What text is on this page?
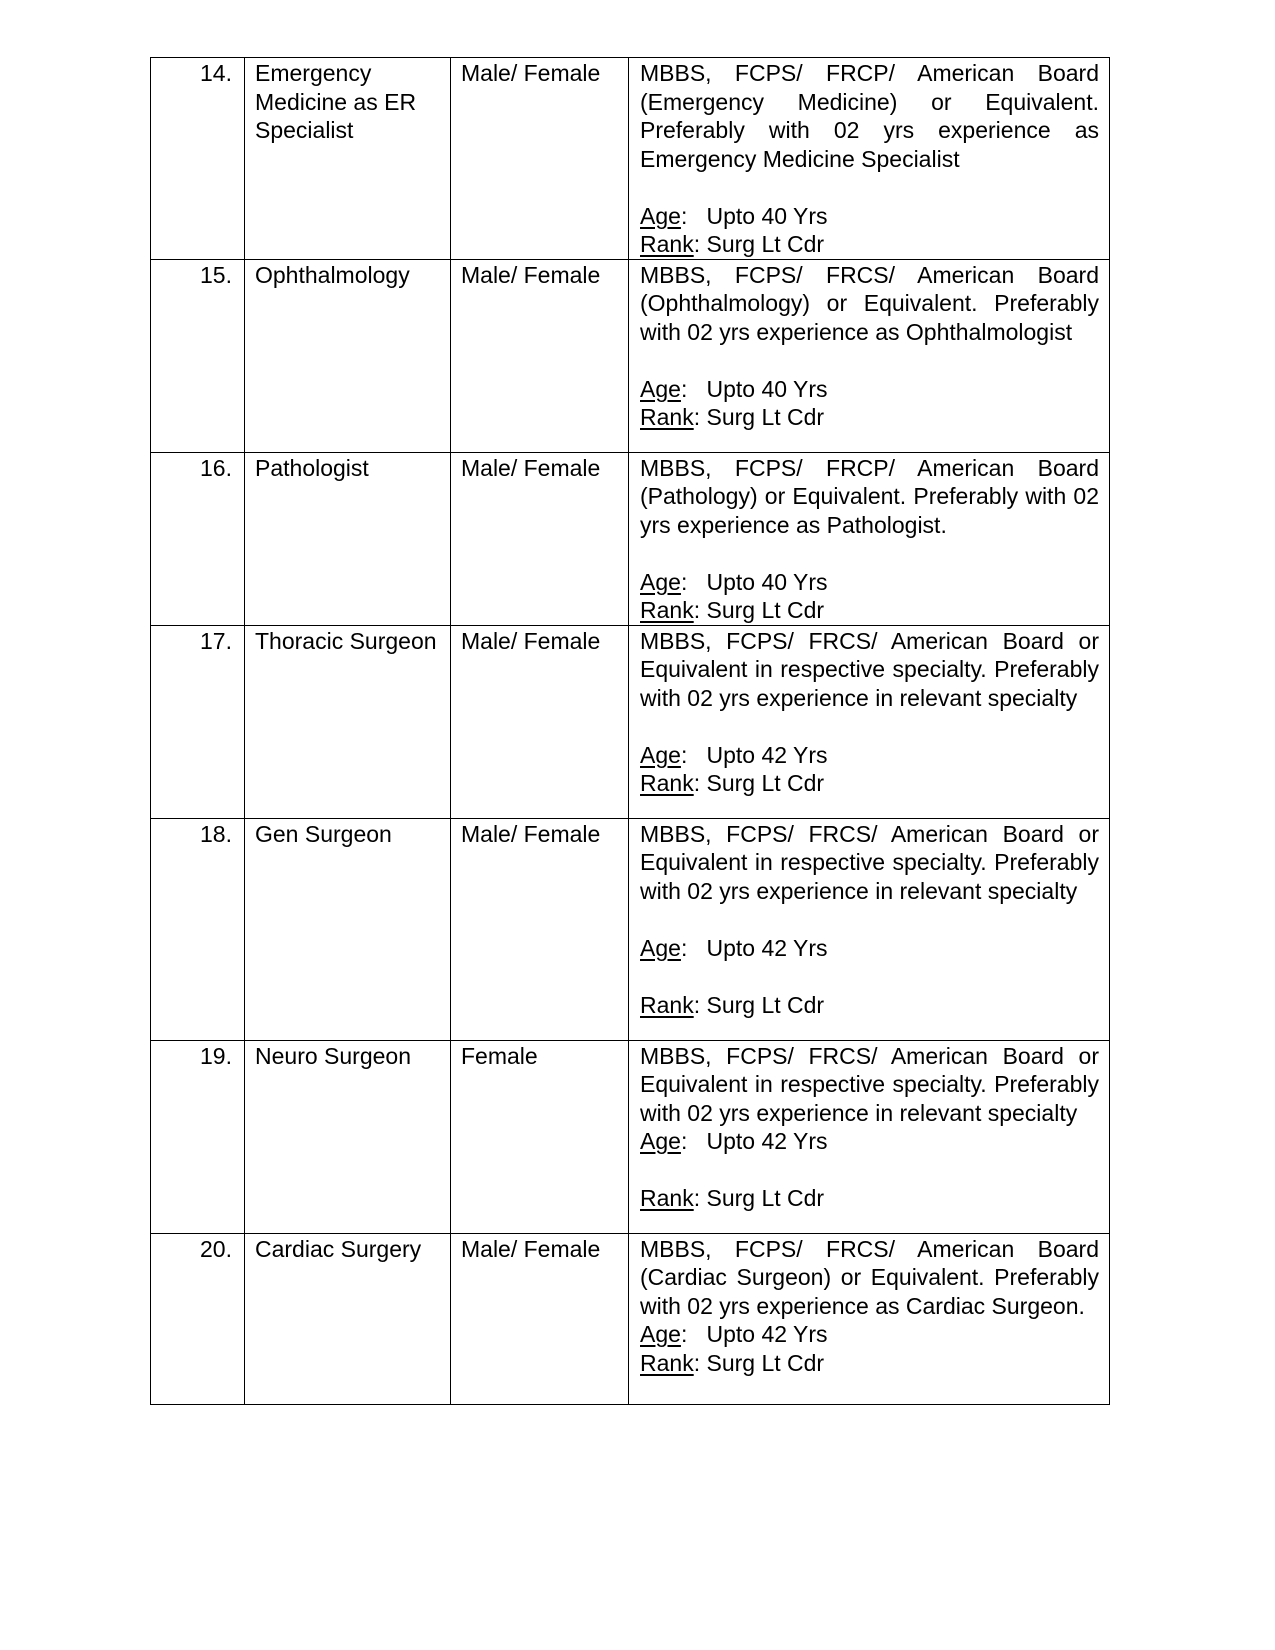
14.	Emergency Medicine as ER Specialist	Male/ Female	MBBS, FCPS/ FRCP/ American Board (Emergency Medicine) or Equivalent. Preferably with 02 yrs experience as Emergency Medicine Specialist
Age:   Upto 40 Yrs
Rank: Surg Lt Cdr

15.	Ophthalmology	Male/ Female	MBBS, FCPS/ FRCS/ American Board (Ophthalmology) or Equivalent. Preferably with 02 yrs experience as Ophthalmologist
Age:   Upto 40 Yrs
Rank: Surg Lt Cdr

16.	Pathologist	Male/ Female	MBBS, FCPS/ FRCP/ American Board (Pathology) or Equivalent. Preferably with 02 yrs experience as Pathologist.
Age:   Upto 40 Yrs
Rank: Surg Lt Cdr

17.	Thoracic Surgeon	Male/ Female	MBBS, FCPS/ FRCS/ American Board or Equivalent in respective specialty. Preferably with 02 yrs experience in relevant specialty
Age:   Upto 42 Yrs
Rank: Surg Lt Cdr

18.	Gen Surgeon	Male/ Female	MBBS, FCPS/ FRCS/ American Board or Equivalent in respective specialty. Preferably with 02 yrs experience in relevant specialty
Age:   Upto 42 Yrs
Rank: Surg Lt Cdr

19.	Neuro Surgeon	Female	MBBS, FCPS/ FRCS/ American Board or Equivalent in respective specialty. Preferably with 02 yrs experience in relevant specialty
Age:   Upto 42 Yrs
Rank: Surg Lt Cdr

20.	Cardiac Surgery	Male/ Female	MBBS, FCPS/ FRCS/ American Board (Cardiac Surgeon) or Equivalent. Preferably with 02 yrs experience as Cardiac Surgeon.
Age:   Upto 42 Yrs
Rank: Surg Lt Cdr
